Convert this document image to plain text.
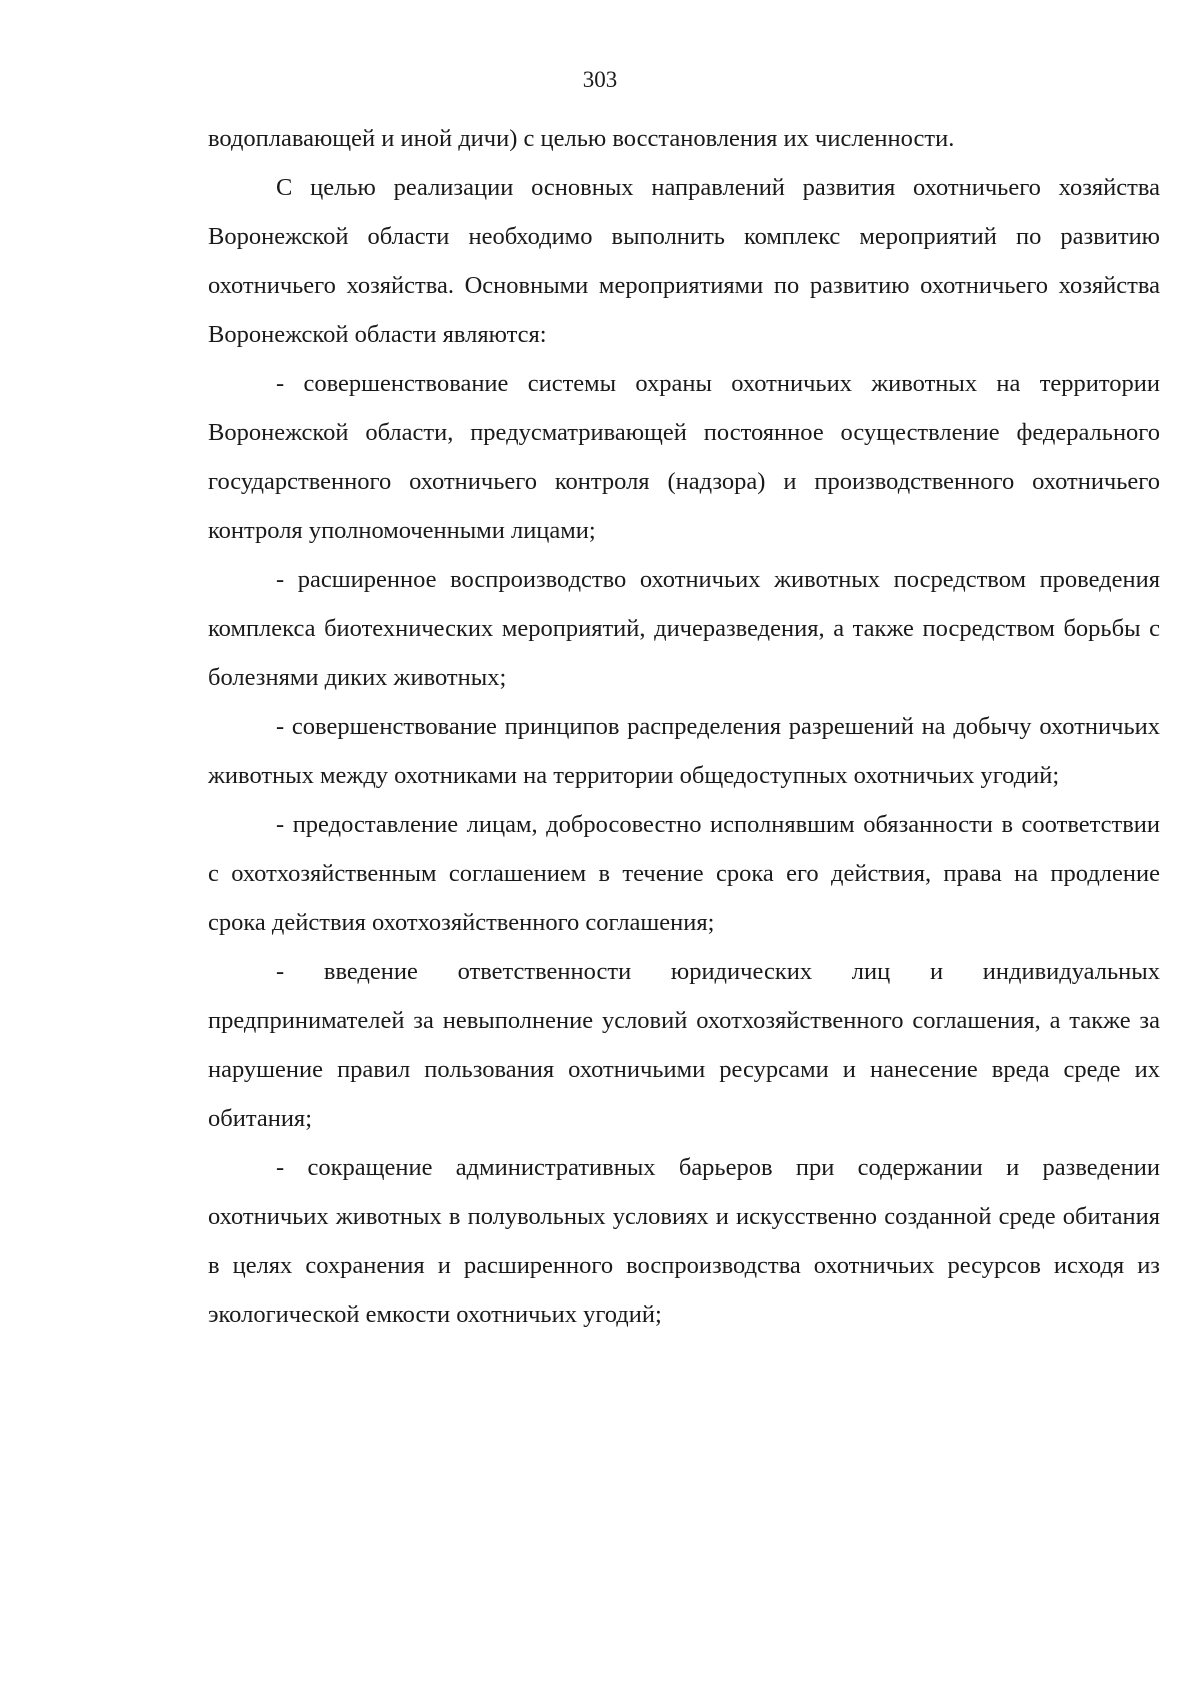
303

водоплавающей и иной дичи) с целью восстановления их численности.

С целью реализации основных направлений развития охотничьего хозяйства Воронежской области необходимо выполнить комплекс мероприятий по развитию охотничьего хозяйства. Основными мероприятиями по развитию охотничьего хозяйства Воронежской области являются:

- совершенствование системы охраны охотничьих животных на территории Воронежской области, предусматривающей постоянное осуществление федерального государственного охотничьего контроля (надзора) и производственного охотничьего контроля уполномоченными лицами;

- расширенное воспроизводство охотничьих животных посредством проведения комплекса биотехнических мероприятий, дичеразведения, а также посредством борьбы с болезнями диких животных;

- совершенствование принципов распределения разрешений на добычу охотничьих животных между охотниками на территории общедоступных охотничьих угодий;

- предоставление лицам, добросовестно исполнявшим обязанности в соответствии с охотхозяйственным соглашением в течение срока его действия, права на продление срока действия охотхозяйственного соглашения;

- введение ответственности юридических лиц и индивидуальных предпринимателей за невыполнение условий охотхозяйственного соглашения, а также за нарушение правил пользования охотничьими ресурсами и нанесение вреда среде их обитания;

- сокращение административных барьеров при содержании и разведении охотничьих животных в полувольных условиях и искусственно созданной среде обитания в целях сохранения и расширенного воспроизводства охотничьих ресурсов исходя из экологической емкости охотничьих угодий;
